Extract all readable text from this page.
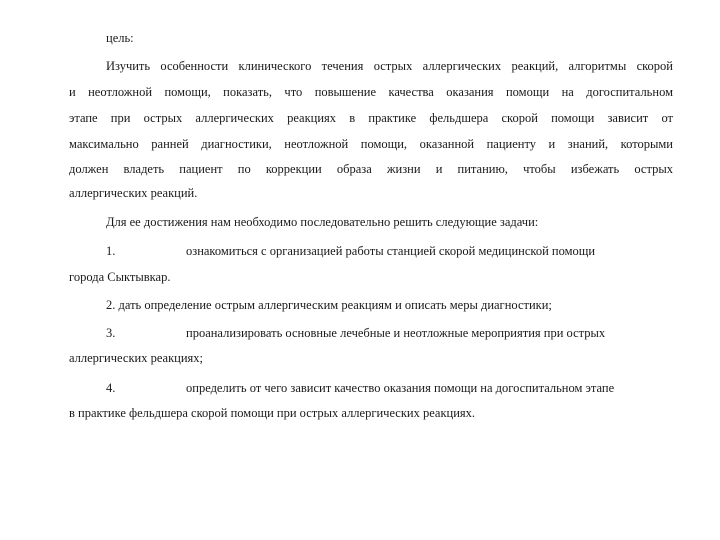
цель:
Изучить особенности клинического течения острых аллергических реакций, алгоритмы скорой
и неотложной помощи, показать, что повышение качества оказания помощи на догоспитальном
этапе при острых аллергических реакциях в практике фельдшера скорой помощи зависит от
максимально ранней диагностики, неотложной помощи, оказанной пациенту и знаний, которыми
должен владеть пациент по коррекции образа жизни и питанию, чтобы избежать острых
аллергических реакций.
Для ее достижения нам необходимо последовательно решить следующие задачи:
1.	ознакомиться с организацией работы станцией скорой медицинской помощи
города Сыктывкар.
2. дать определение острым аллергическим реакциям и описать меры диагностики;
3.	проанализировать основные лечебные и неотложные мероприятия при острых
аллергических реакциях;
4.	определить от чего зависит качество оказания помощи на догоспитальном этапе
в практике фельдшера скорой помощи при острых аллергических реакциях.
